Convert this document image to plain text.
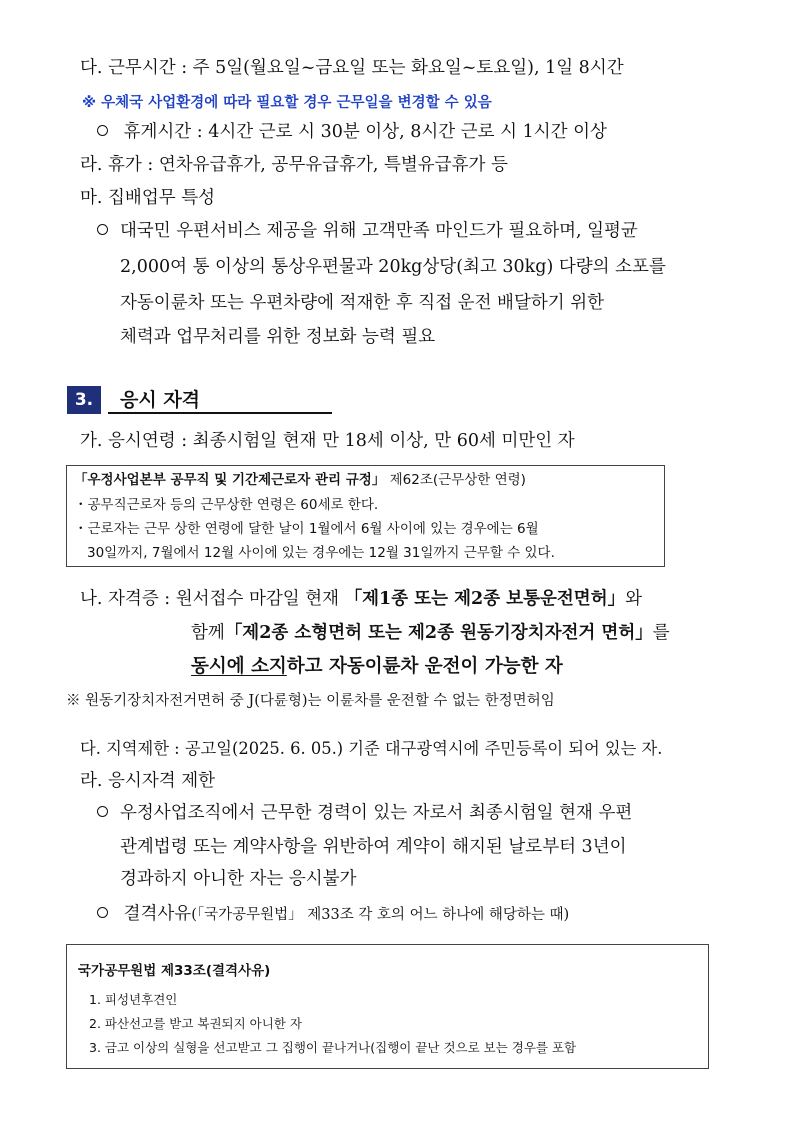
다. 근무시간 : 주 5일(월요일~금요일 또는 화요일~토요일), 1일 8시간
※ 우체국 사업환경에 따라 필요할 경우 근무일을 변경할 수 있음
휴게시간 : 4시간 근로 시 30분 이상, 8시간 근로 시 1시간 이상
라. 휴가 : 연차유급휴가, 공무유급휴가, 특별유급휴가 등
마. 집배업무 특성
대국민 우편서비스 제공을 위해 고객만족 마인드가 필요하며, 일평균
2,000여 통 이상의 통상우편물과 20kg상당(최고 30kg) 다량의 소포를
자동이륜차 또는 우편차량에 적재한 후 직접 운전 배달하기 위한
체력과 업무처리를 위한 정보화 능력 필요
3.	응시 자격
가. 응시연령 : 최종시험일 현재 만 18세 이상, 만 60세 미만인 자
「우정사업본부 공무직 및 기간제근로자 관리 규정」 제62조(근무상한 연령)
・공무직근로자 등의 근무상한 연령은 60세로 한다.
・근로자는 근무 상한 연령에 달한 날이 1월에서 6월 사이에 있는 경우에는 6월
30일까지, 7월에서 12월 사이에 있는 경우에는 12월 31일까지 근무할 수 있다.
나. 자격증 : 원서접수 마감일 현재 「제1종 또는 제2종 보통운전면허」와
함께「제2종 소형면허 또는 제2종 원동기장치자전거 면허」를
동시에 소지하고 자동이륜차 운전이 가능한 자
※ 원동기장치자전거면허 중 J(다륜형)는 이륜차를 운전할 수 없는 한정면허임
다. 지역제한 : 공고일(2025. 6. 05.) 기준 대구광역시에 주민등록이 되어 있는 자.
라. 응시자격 제한
우정사업조직에서 근무한 경력이 있는 자로서 최종시험일 현재 우편
관계법령 또는 계약사항을 위반하여 계약이 해지된 날로부터 3년이
경과하지 아니한 자는 응시불가
결격사유(「국가공무원법」 제33조 각 호의 어느 하나에 해당하는 때)
국가공무원법 제33조(결격사유)
1. 피성년후견인
2. 파산선고를 받고 복권되지 아니한 자
3. 금고 이상의 실형을 선고받고 그 집행이 끝나거나(집행이 끝난 것으로 보는 경우를 포함
